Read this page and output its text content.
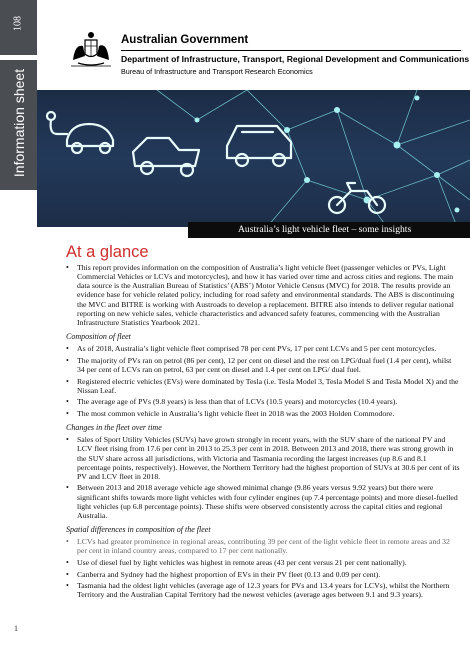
108
Information sheet
1
Australian Government
Department of Infrastructure, Transport, Regional Development and Communications
Bureau of Infrastructure and Transport Research Economics
Australia’s light vehicle fleet – some insights
At a glance
• This report provides information on the composition of Australia’s light vehicle fleet (passenger vehicles or PVs, Light Commercial Vehicles or LCVs and motorcycles), and how it has varied over time and across cities and regions. The main data source is the Australian Bureau of Statistics’ (ABS’) Motor Vehicle Census (MVC) for 2018. The results provide an evidence base for vehicle related policy, including for road safety and environmental standards. The ABS is discontinuing the MVC and BITRE is working with Austroads to develop a replacement. BITRE also intends to deliver regular national reporting on new vehicle sales, vehicle characteristics and advanced safety features, commencing with the Australian Infrastructure Statistics Yearbook 2021.
Composition of fleet
• As of 2018, Australia’s light vehicle fleet comprised 78 per cent PVs, 17 per cent LCVs and 5 per cent motorcycles.
• The majority of PVs ran on petrol (86 per cent), 12 per cent on diesel and the rest on LPG/dual fuel (1.4 per cent), whilst 34 per cent of LCVs ran on petrol, 63 per cent on diesel and 1.4 per cent on LPG/ dual fuel.
• Registered electric vehicles (EVs) were dominated by Tesla (i.e. Tesla Model 3, Tesla Model S and Tesla Model X) and the Nissan Leaf.
• The average age of PVs (9.8 years) is less than that of LCVs (10.5 years) and motorcycles (10.4 years).
• The most common vehicle in Australia’s light vehicle fleet in 2018 was the 2003 Holden Commodore.
Changes in the fleet over time
• Sales of Sport Utility Vehicles (SUVs) have grown strongly in recent years, with the SUV share of the national PV and LCV fleet rising from 17.6 per cent in 2013 to 25.3 per cent in 2018. Between 2013 and 2018, there was strong growth in the SUV share across all jurisdictions, with Victoria and Tasmania recording the largest increases (up 8.6 and 8.1 percentage points, respectively). However, the Northern Territory had the highest proportion of SUVs at 30.6 per cent of its PV and LCV fleet in 2018.
• Between 2013 and 2018 average vehicle age showed minimal change (9.86 years versus 9.92 years) but there were significant shifts towards more light vehicles with four cylinder engines (up 7.4 percentage points) and more diesel-fuelled light vehicles (up 6.8 percentage points). These shifts were observed consistently across the capital cities and regional Australia.
Spatial differences in composition of the fleet
• LCVs had greater prominence in regional areas, contributing 39 per cent of the light vehicle fleet in remote areas and 32 per cent in inland country areas, compared to 17 per cent nationally.
• Use of diesel fuel by light vehicles was highest in remote areas (43 per cent versus 21 per cent nationally).
• Canberra and Sydney had the highest proportion of EVs in their PV fleet (0.13 and 0.09 per cent).
• Tasmania had the oldest light vehicles (average age of 12.3 years for PVs and 13.4 years for LCVs), whilst the Northern Territory and the Australian Capital Territory had the newest vehicles (average ages between 9.1 and 9.3 years).
